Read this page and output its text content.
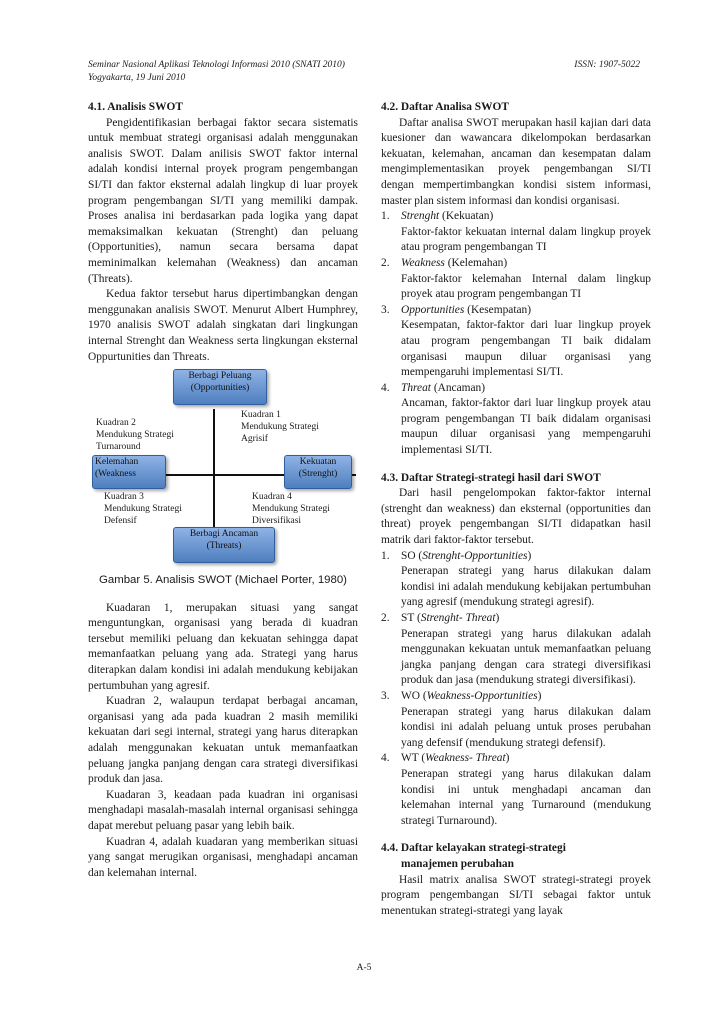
Seminar Nasional Aplikasi Teknologi Informasi 2010 (SNATI 2010)
Yogyakarta, 19 Juni 2010
ISSN: 1907-5022
4.1. Analisis SWOT

Pengidentifikasian berbagai faktor secara sistematis untuk membuat strategi organisasi adalah menggunakan analisis SWOT. Dalam anilisis SWOT faktor internal adalah kondisi internal proyek program pengembangan SI/TI dan faktor eksternal adalah lingkup di luar proyek program pengembangan SI/TI yang memiliki dampak. Proses analisa ini berdasarkan pada logika yang dapat memaksimalkan kekuatan (Strenght) dan peluang (Opportunities), namun secara bersama dapat meminimalkan kelemahan (Weakness) dan ancaman (Threats).

Kedua faktor tersebut harus dipertimbangkan dengan menggunakan analisis SWOT. Menurut Albert Humphrey, 1970 analisis SWOT adalah singkatan dari lingkungan internal Strenght dan Weakness serta lingkungan eksternal Oppurtunities dan Threats.

Berbagi Peluang
(Opportunities)
Kuadran 1
Mendukung Strategi
Agrisif
Kuadran 2
Mendukung Strategi
Turnaround
Kelemahan
(Weakness
Kekuatan
(Strenght)
Kuadran 3
Mendukung Strategi
Defensif
Kuadran 4
Mendukung Strategi
Diversifikasi
Berbagi Ancaman
(Threats)

Gambar 5. Analisis SWOT (Michael Porter, 1980)

Kuadaran 1, merupakan situasi yang sangat menguntungkan, organisasi yang berada di kuadran tersebut memiliki peluang dan kekuatan sehingga dapat memanfaatkan peluang yang ada. Strategi yang harus diterapkan dalam kondisi ini adalah mendukung kebijakan pertumbuhan yang agresif.

Kuadran 2, walaupun terdapat berbagai ancaman, organisasi yang ada pada kuadran 2 masih memiliki kekuatan dari segi internal, strategi yang harus diterapkan adalah menggunakan kekuatan untuk memanfaatkan peluang jangka panjang dengan cara strategi diversifikasi produk dan jasa.

Kuadaran 3, keadaan pada kuadran ini organisasi menghadapi masalah-masalah internal organisasi sehingga dapat merebut peluang pasar yang lebih baik.

Kuadran 4, adalah kuadaran yang memberikan situasi yang sangat merugikan organisasi, menghadapi ancaman dan kelemahan internal.

4.2. Daftar Analisa SWOT

Daftar analisa SWOT merupakan hasil kajian dari data kuesioner dan wawancara dikelompokan berdasarkan kekuatan, kelemahan, ancaman dan kesempatan dalam mengimplementasikan proyek pengembangan SI/TI dengan mempertimbangkan kondisi sistem informasi, master plan sistem informasi dan kondisi organisasi.

1. Strenght (Kekuatan)
Faktor-faktor kekuatan internal dalam lingkup proyek atau program pengembangan TI
2. Weakness (Kelemahan)
Faktor-faktor kelemahan Internal dalam lingkup proyek atau program pengembangan TI
3. Opportunities (Kesempatan)
Kesempatan, faktor-faktor dari luar lingkup proyek atau program pengembangan TI baik didalam organisasi maupun diluar organisasi yang mempengaruhi implementasi SI/TI.
4. Threat (Ancaman)
Ancaman, faktor-faktor dari luar lingkup proyek atau program pengembangan TI baik didalam organisasi maupun diluar organisasi yang mempengaruhi implementasi SI/TI.
4.3. Daftar Strategi-strategi hasil dari SWOT

Dari hasil pengelompokan faktor-faktor internal (strenght dan weakness) dan eksternal (opportunities dan threat) proyek pengembangan SI/TI didapatkan hasil matrik dari faktor-faktor tersebut.

1. SO (Strenght-Opportunities)
Penerapan strategi yang harus dilakukan dalam kondisi ini adalah mendukung kebijakan pertumbuhan yang agresif (mendukung strategi agresif).
2. ST (Strenght- Threat)
Penerapan strategi yang harus dilakukan adalah menggunakan kekuatan untuk memanfaatkan peluang jangka panjang dengan cara strategi diversifikasi produk dan jasa (mendukung strategi diversifikasi).
3. WO (Weakness-Opportunities)
Penerapan strategi yang harus dilakukan dalam kondisi ini adalah peluang untuk proses perubahan yang defensif (mendukung strategi defensif).
4. WT (Weakness- Threat)
Penerapan strategi yang harus dilakukan dalam kondisi ini untuk menghadapi ancaman dan kelemahan internal yang Turnaround (mendukung strategi Turnaround).
4.4. Daftar kelayakan strategi-strategi
manajemen perubahan

Hasil matrix analisa SWOT strategi-strategi proyek program pengembangan SI/TI sebagai faktor untuk menentukan strategi-strategi yang layak

A-5
